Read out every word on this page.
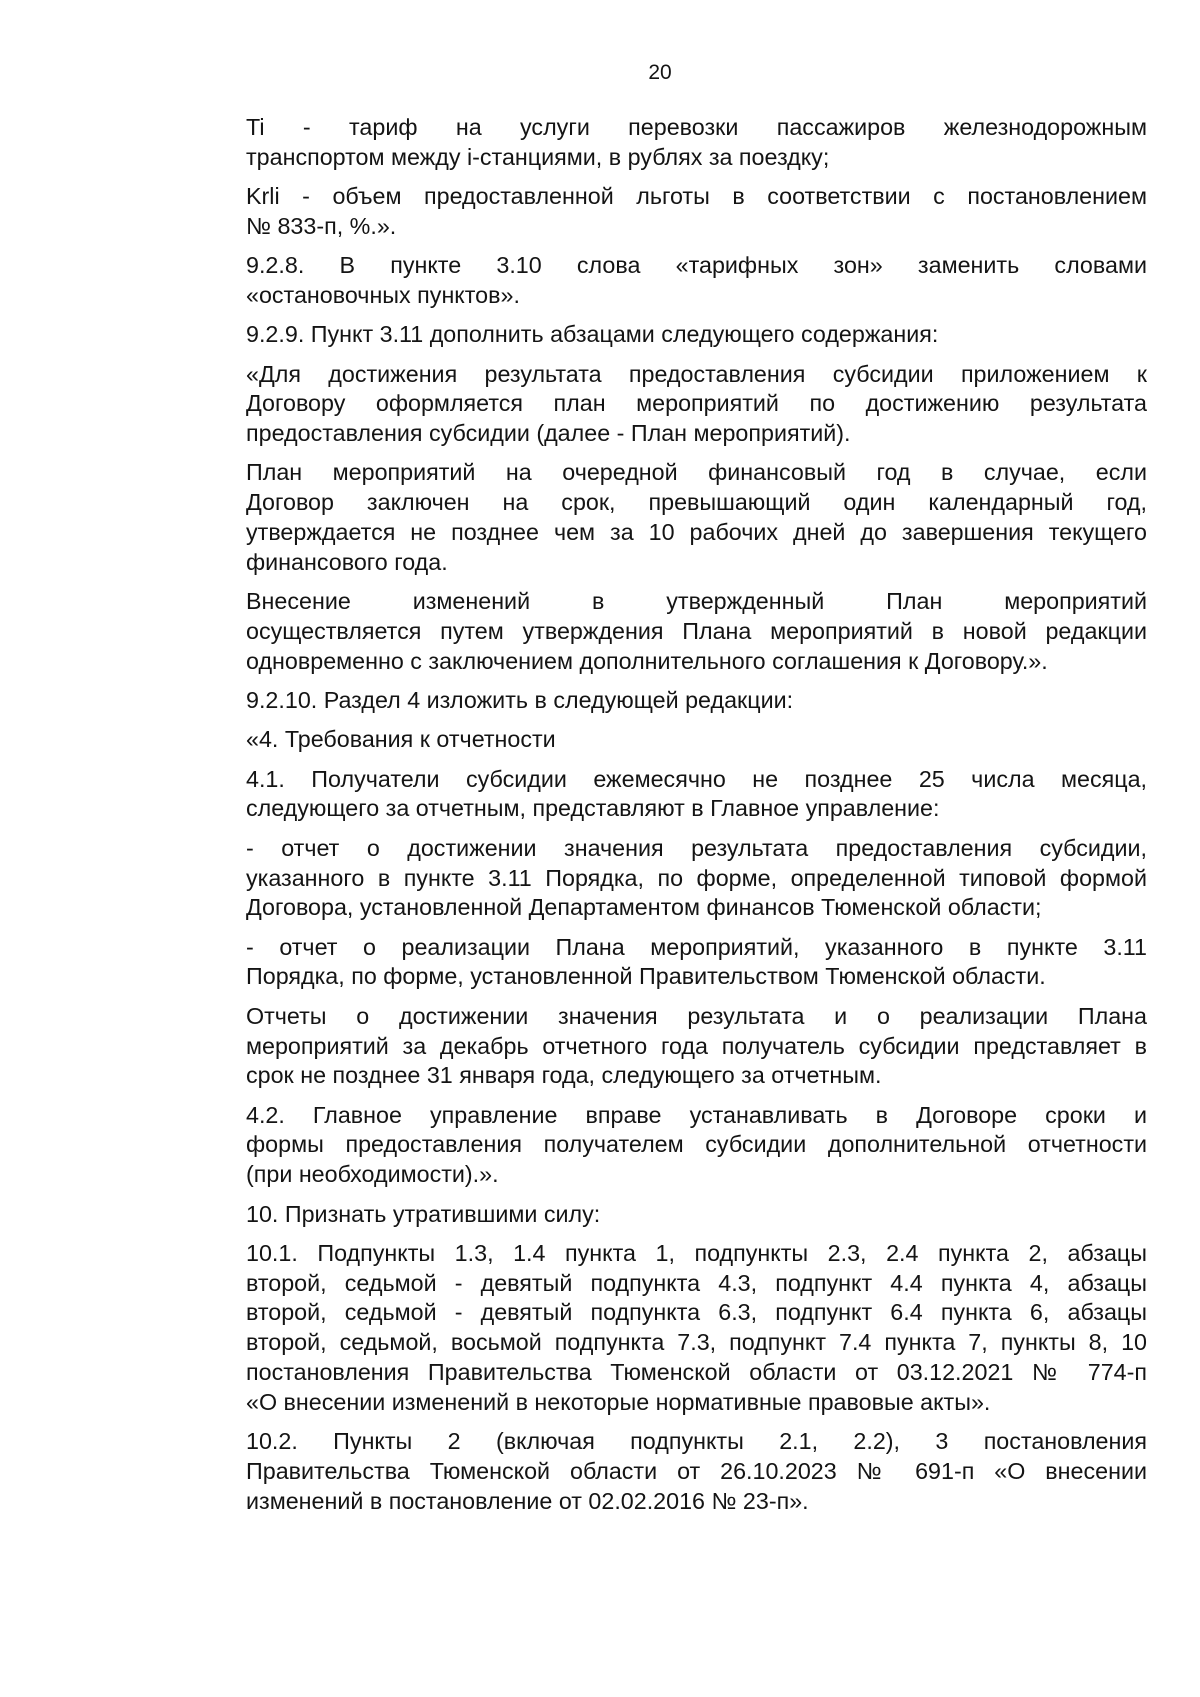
20
Ti - тариф на услуги перевозки пассажиров железнодорожным
транспортом между i-станциями, в рублях за поездку;
Krli - объем предоставленной льготы в соответствии с постановлением
№ 833-п, %.».
9.2.8. В пункте 3.10 слова «тарифных зон» заменить словами
«остановочных пунктов».
9.2.9. Пункт 3.11 дополнить абзацами следующего содержания:
«Для достижения результата предоставления субсидии приложением к
Договору оформляется план мероприятий по достижению результата
предоставления субсидии (далее - План мероприятий).
План мероприятий на очередной финансовый год в случае, если
Договор заключен на срок, превышающий один календарный год,
утверждается не позднее чем за 10 рабочих дней до завершения текущего
финансового года.
Внесение изменений в утвержденный План мероприятий
осуществляется путем утверждения Плана мероприятий в новой редакции
одновременно с заключением дополнительного соглашения к Договору.».
9.2.10. Раздел 4 изложить в следующей редакции:
«4. Требования к отчетности
4.1. Получатели субсидии ежемесячно не позднее 25 числа месяца,
следующего за отчетным, представляют в Главное управление:
- отчет о достижении значения результата предоставления субсидии,
указанного в пункте 3.11 Порядка, по форме, определенной типовой формой
Договора, установленной Департаментом финансов Тюменской области;
- отчет о реализации Плана мероприятий, указанного в пункте 3.11
Порядка, по форме, установленной Правительством Тюменской области.
Отчеты о достижении значения результата и о реализации Плана
мероприятий за декабрь отчетного года получатель субсидии представляет в
срок не позднее 31 января года, следующего за отчетным.
4.2. Главное управление вправе устанавливать в Договоре сроки и
формы предоставления получателем субсидии дополнительной отчетности
(при необходимости).».
10. Признать утратившими силу:
10.1. Подпункты 1.3, 1.4 пункта 1, подпункты 2.3, 2.4 пункта 2, абзацы
второй, седьмой - девятый подпункта 4.3, подпункт 4.4 пункта 4, абзацы
второй, седьмой - девятый подпункта 6.3, подпункт 6.4 пункта 6, абзацы
второй, седьмой, восьмой подпункта 7.3, подпункт 7.4 пункта 7, пункты 8, 10
постановления Правительства Тюменской области от 03.12.2021 № 774-п
«О внесении изменений в некоторые нормативные правовые акты».
10.2. Пункты 2 (включая подпункты 2.1, 2.2), 3 постановления
Правительства Тюменской области от 26.10.2023 № 691-п «О внесении
изменений в постановление от 02.02.2016 № 23-п».
